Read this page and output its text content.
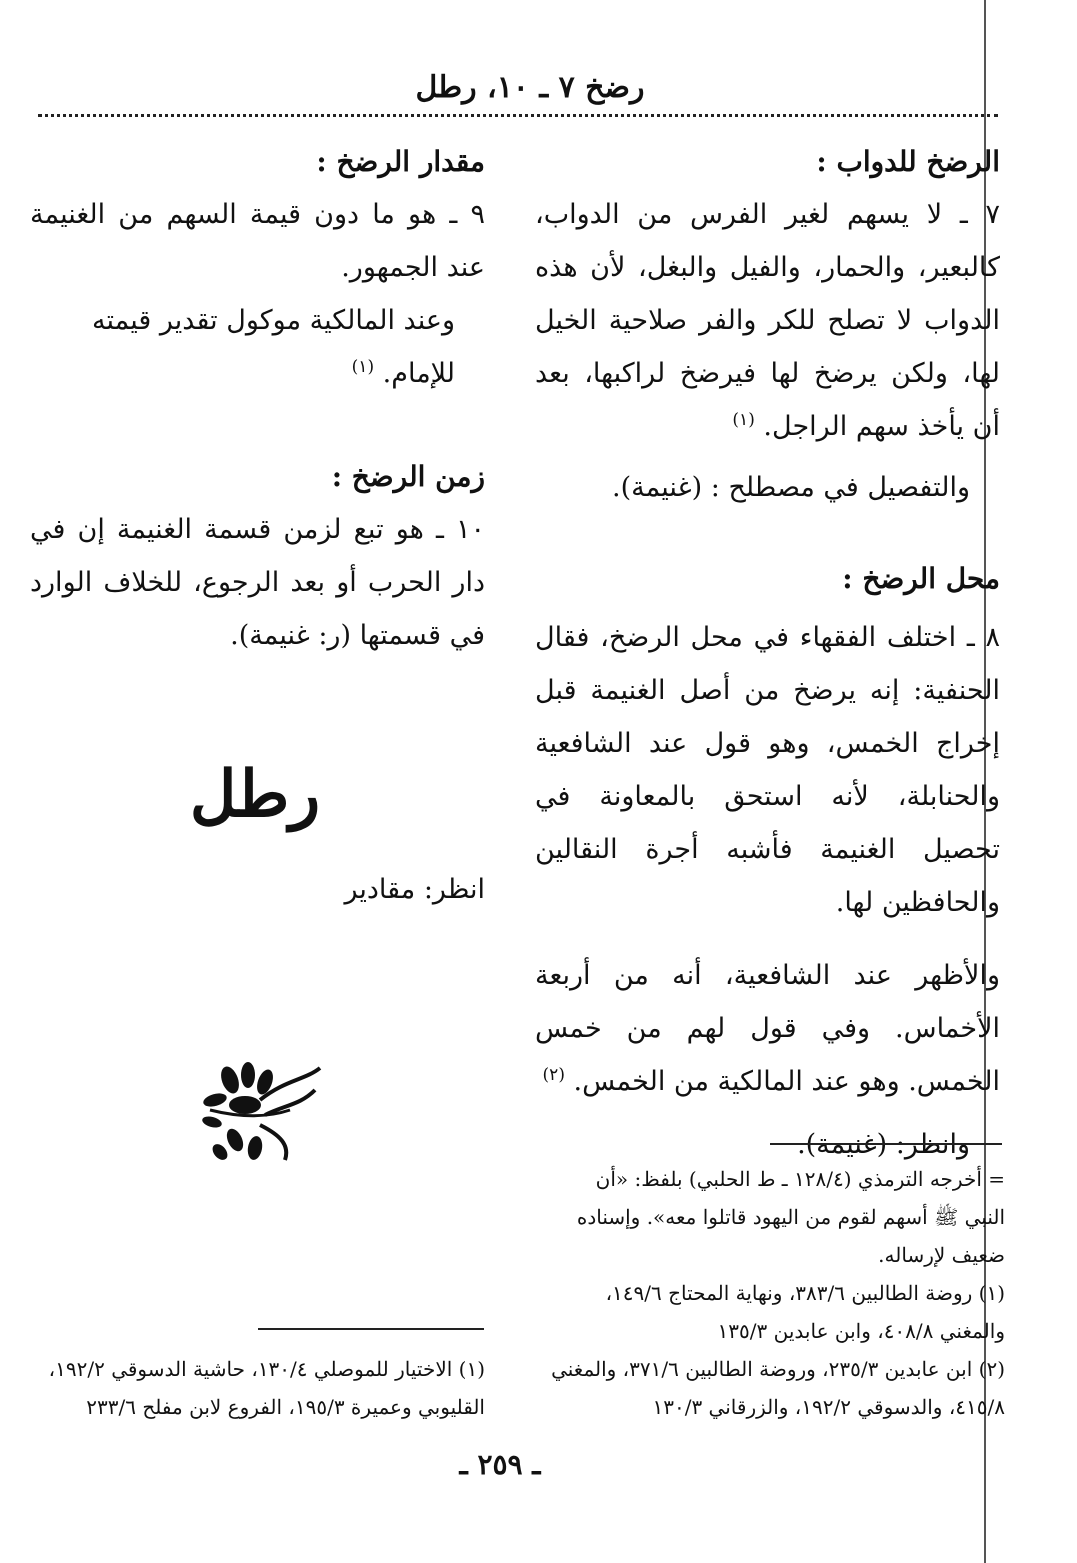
رضخ ٧ ـ ١٠، رطل

الرضخ للدواب :

٧ ـ لا يسهم لغير الفرس من الدواب، كالبعير، والحمار، والفيل والبغل، لأن هذه الدواب لا تصلح للكر والفر صلاحية الخيل لها، ولكن يرضخ لها فيرضخ لراكبها، بعد أن يأخذ سهم الراجل. $^{(١)}$

والتفصيل في مصطلح : (غنيمة).

محل الرضخ :

٨ ـ اختلف الفقهاء في محل الرضخ، فقال الحنفية: إنه يرضخ من أصل الغنيمة قبل إخراج الخمس، وهو قول عند الشافعية والحنابلة، لأنه استحق بالمعاونة في تحصيل الغنيمة فأشبه أجرة النقالين والحافظين لها.

والأظهر عند الشافعية، أنه من أربعة الأخماس. وفي قول لهم من خمس الخمس. وهو عند المالكية من الخمس. $^{(٢)}$

وانظر: (غنيمة).

مقدار الرضخ :

٩ ـ هو ما دون قيمة السهم من الغنيمة عند الجمهور.

وعند المالكية موكول تقدير قيمته للإمام. $^{(١)}$

زمن الرضخ :

١٠ ـ هو تبع لزمن قسمة الغنيمة إن في دار الحرب أو بعد الرجوع، للخلاف الوارد في قسمتها (ر: غنيمة).

رطل
انظر: مقادير

= أخرجه الترمذي (١٢٨/٤ ـ ط الحلبي) بلفظ: «أن النبي ﷺ أسهم لقوم من اليهود قاتلوا معه». وإسناده ضعيف لإرساله.

(١) روضة الطالبين ٣٨٣/٦، ونهاية المحتاج ١٤٩/٦، والمغني ٤٠٨/٨، وابن عابدين ١٣٥/٣

(٢) ابن عابدين ٢٣٥/٣، وروضة الطالبين ٣٧١/٦، والمغني ٤١٥/٨، والدسوقي ١٩٢/٢، والزرقاني ١٣٠/٣

(١) الاختيار للموصلي ١٣٠/٤، حاشية الدسوقي ١٩٢/٢، القليوبي وعميرة ١٩٥/٣، الفروع لابن مفلح ٢٣٣/٦

ـ ٢٥٩ ـ
